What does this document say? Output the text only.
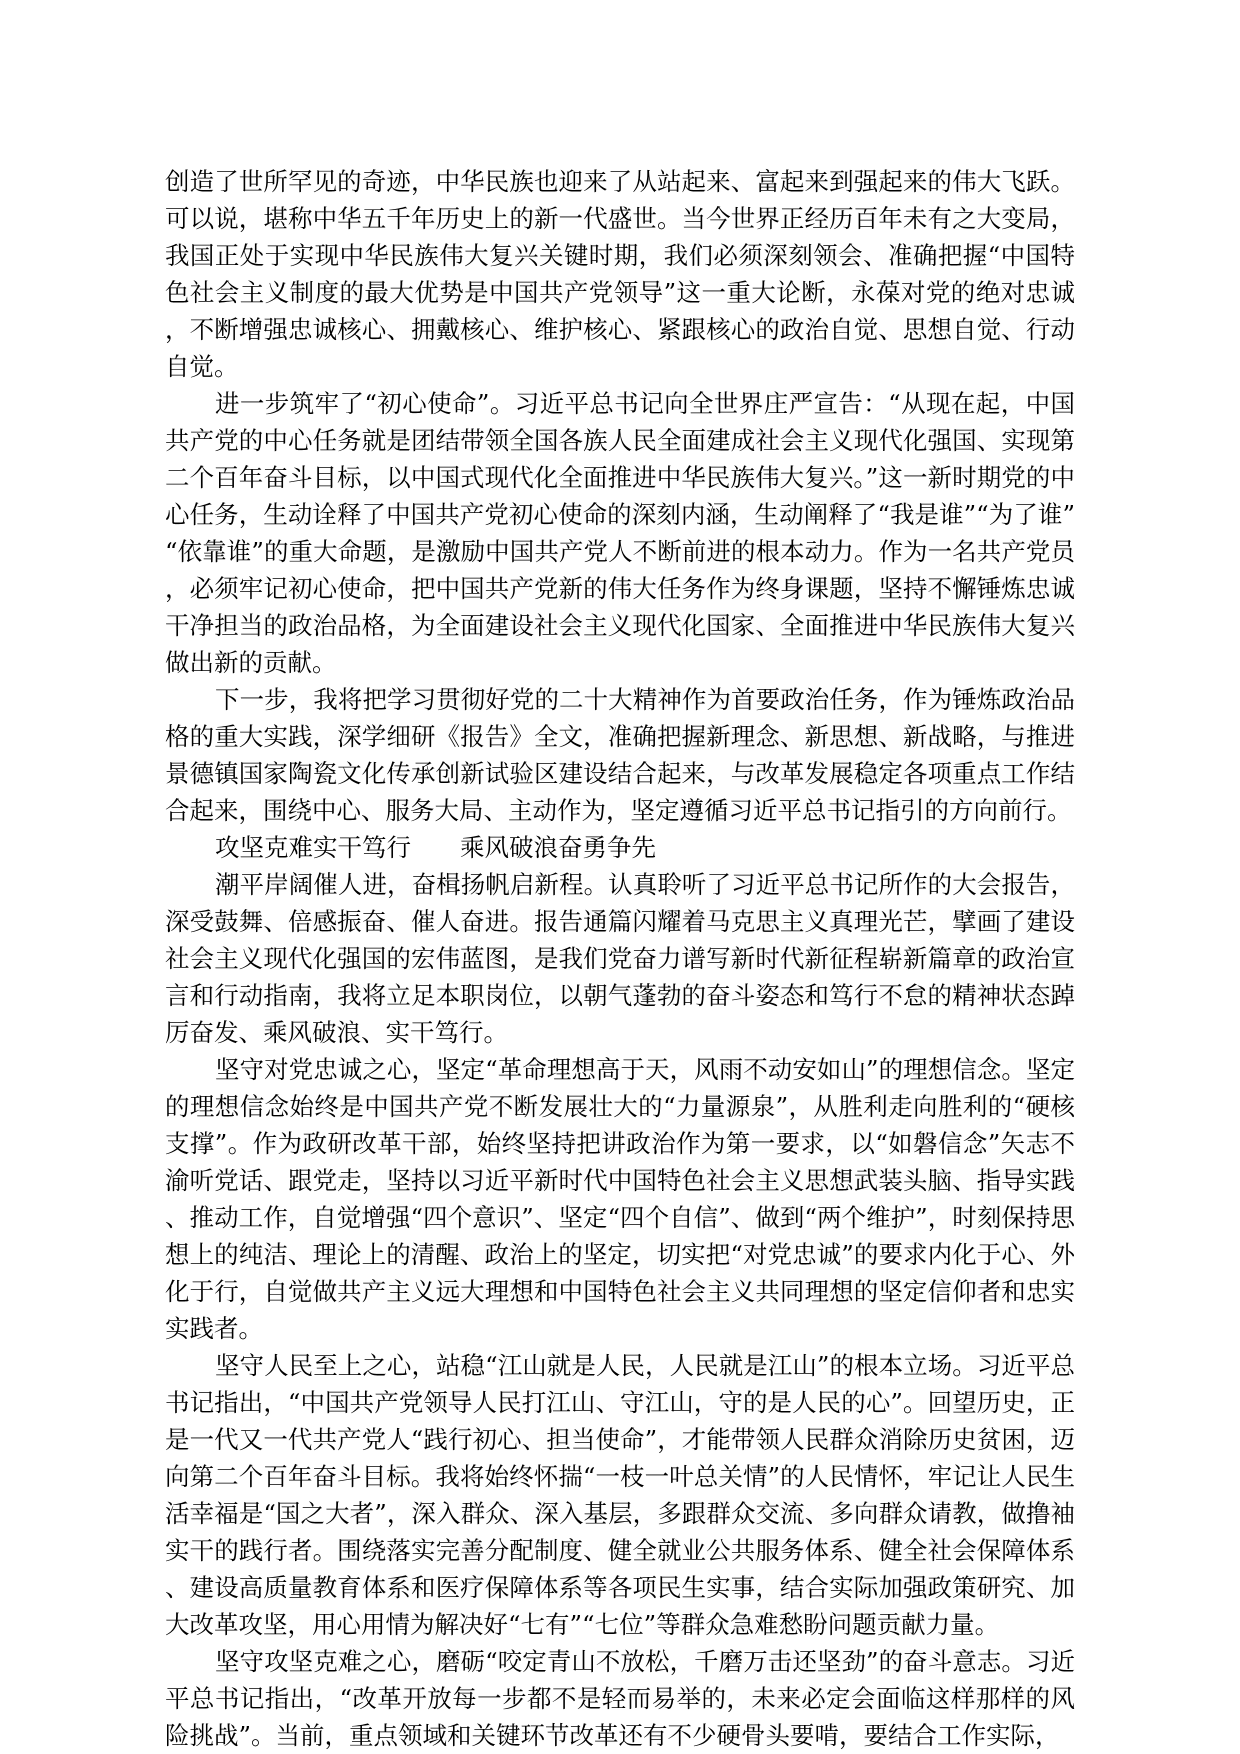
创造了世所罕见的奇迹，中华民族也迎来了从站起来、富起来到强起来的伟大飞跃。可以说，堪称中华五千年历史上的新一代盛世。当今世界正经历百年未有之大变局，我国正处于实现中华民族伟大复兴关键时期，我们必须深刻领会、准确把握“中国特色社会主义制度的最大优势是中国共产党领导”这一重大论断，永葆对党的绝对忠诚，不断增强忠诚核心、拥戴核心、维护核心、紧跟核心的政治自觉、思想自觉、行动自觉。

进一步筑牢了“初心使命”。习近平总书记向全世界庄严宣告：“从现在起，中国共产党的中心任务就是团结带领全国各族人民全面建成社会主义现代化强国、实现第二个百年奋斗目标，以中国式现代化全面推进中华民族伟大复兴。”这一新时期党的中心任务，生动诠释了中国共产党初心使命的深刻内涵，生动阐释了“我是谁”“为了谁”“依靠谁”的重大命题，是激励中国共产党人不断前进的根本动力。作为一名共产党员，必须牢记初心使命，把中国共产党新的伟大任务作为终身课题，坚持不懈锤炼忠诚干净担当的政治品格，为全面建设社会主义现代化国家、全面推进中华民族伟大复兴做出新的贡献。

下一步，我将把学习贯彻好党的二十大精神作为首要政治任务，作为锤炼政治品格的重大实践，深学细研《报告》全文，准确把握新理念、新思想、新战略，与推进景德镇国家陶瓷文化传承创新试验区建设结合起来，与改革发展稳定各项重点工作结合起来，围绕中心、服务大局、主动作为，坚定遵循习近平总书记指引的方向前行。

攻坚克难实干笃行　　乘风破浪奋勇争先

潮平岸阔催人进，奋楫扬帆启新程。认真聆听了习近平总书记所作的大会报告，深受鼓舞、倍感振奋、催人奋进。报告通篇闪耀着马克思主义真理光芒，擘画了建设社会主义现代化强国的宏伟蓝图，是我们党奋力谱写新时代新征程崭新篇章的政治宣言和行动指南，我将立足本职岗位，以朝气蓬勃的奋斗姿态和笃行不怠的精神状态踔厉奋发、乘风破浪、实干笃行。

坚守对党忠诚之心，坚定“革命理想高于天，风雨不动安如山”的理想信念。坚定的理想信念始终是中国共产党不断发展壮大的“力量源泉”，从胜利走向胜利的“硬核支撑”。作为政研改革干部，始终坚持把讲政治作为第一要求，以“如磐信念”矢志不渝听党话、跟党走，坚持以习近平新时代中国特色社会主义思想武装头脑、指导实践、推动工作，自觉增强“四个意识”、坚定“四个自信”、做到“两个维护”，时刻保持思想上的纯洁、理论上的清醒、政治上的坚定，切实把“对党忠诚”的要求内化于心、外化于行，自觉做共产主义远大理想和中国特色社会主义共同理想的坚定信仰者和忠实实践者。

坚守人民至上之心，站稳“江山就是人民，人民就是江山”的根本立场。习近平总书记指出，“中国共产党领导人民打江山、守江山，守的是人民的心”。回望历史，正是一代又一代共产党人“践行初心、担当使命”，才能带领人民群众消除历史贫困，迈向第二个百年奋斗目标。我将始终怀揣“一枝一叶总关情”的人民情怀，牢记让人民生活幸福是“国之大者”，深入群众、深入基层，多跟群众交流、多向群众请教，做撸袖实干的践行者。围绕落实完善分配制度、健全就业公共服务体系、健全社会保障体系、建设高质量教育体系和医疗保障体系等各项民生实事，结合实际加强政策研究、加大改革攻坚，用心用情为解决好“七有”“七位”等群众急难愁盼问题贡献力量。

坚守攻坚克难之心，磨砺“咬定青山不放松，千磨万击还坚劲”的奋斗意志。习近平总书记指出，“改革开放每一步都不是轻而易举的，未来必定会面临这样那样的风险挑战”。当前，重点领域和关键环节改革还有不少硬骨头要啃，要结合工作实际，
